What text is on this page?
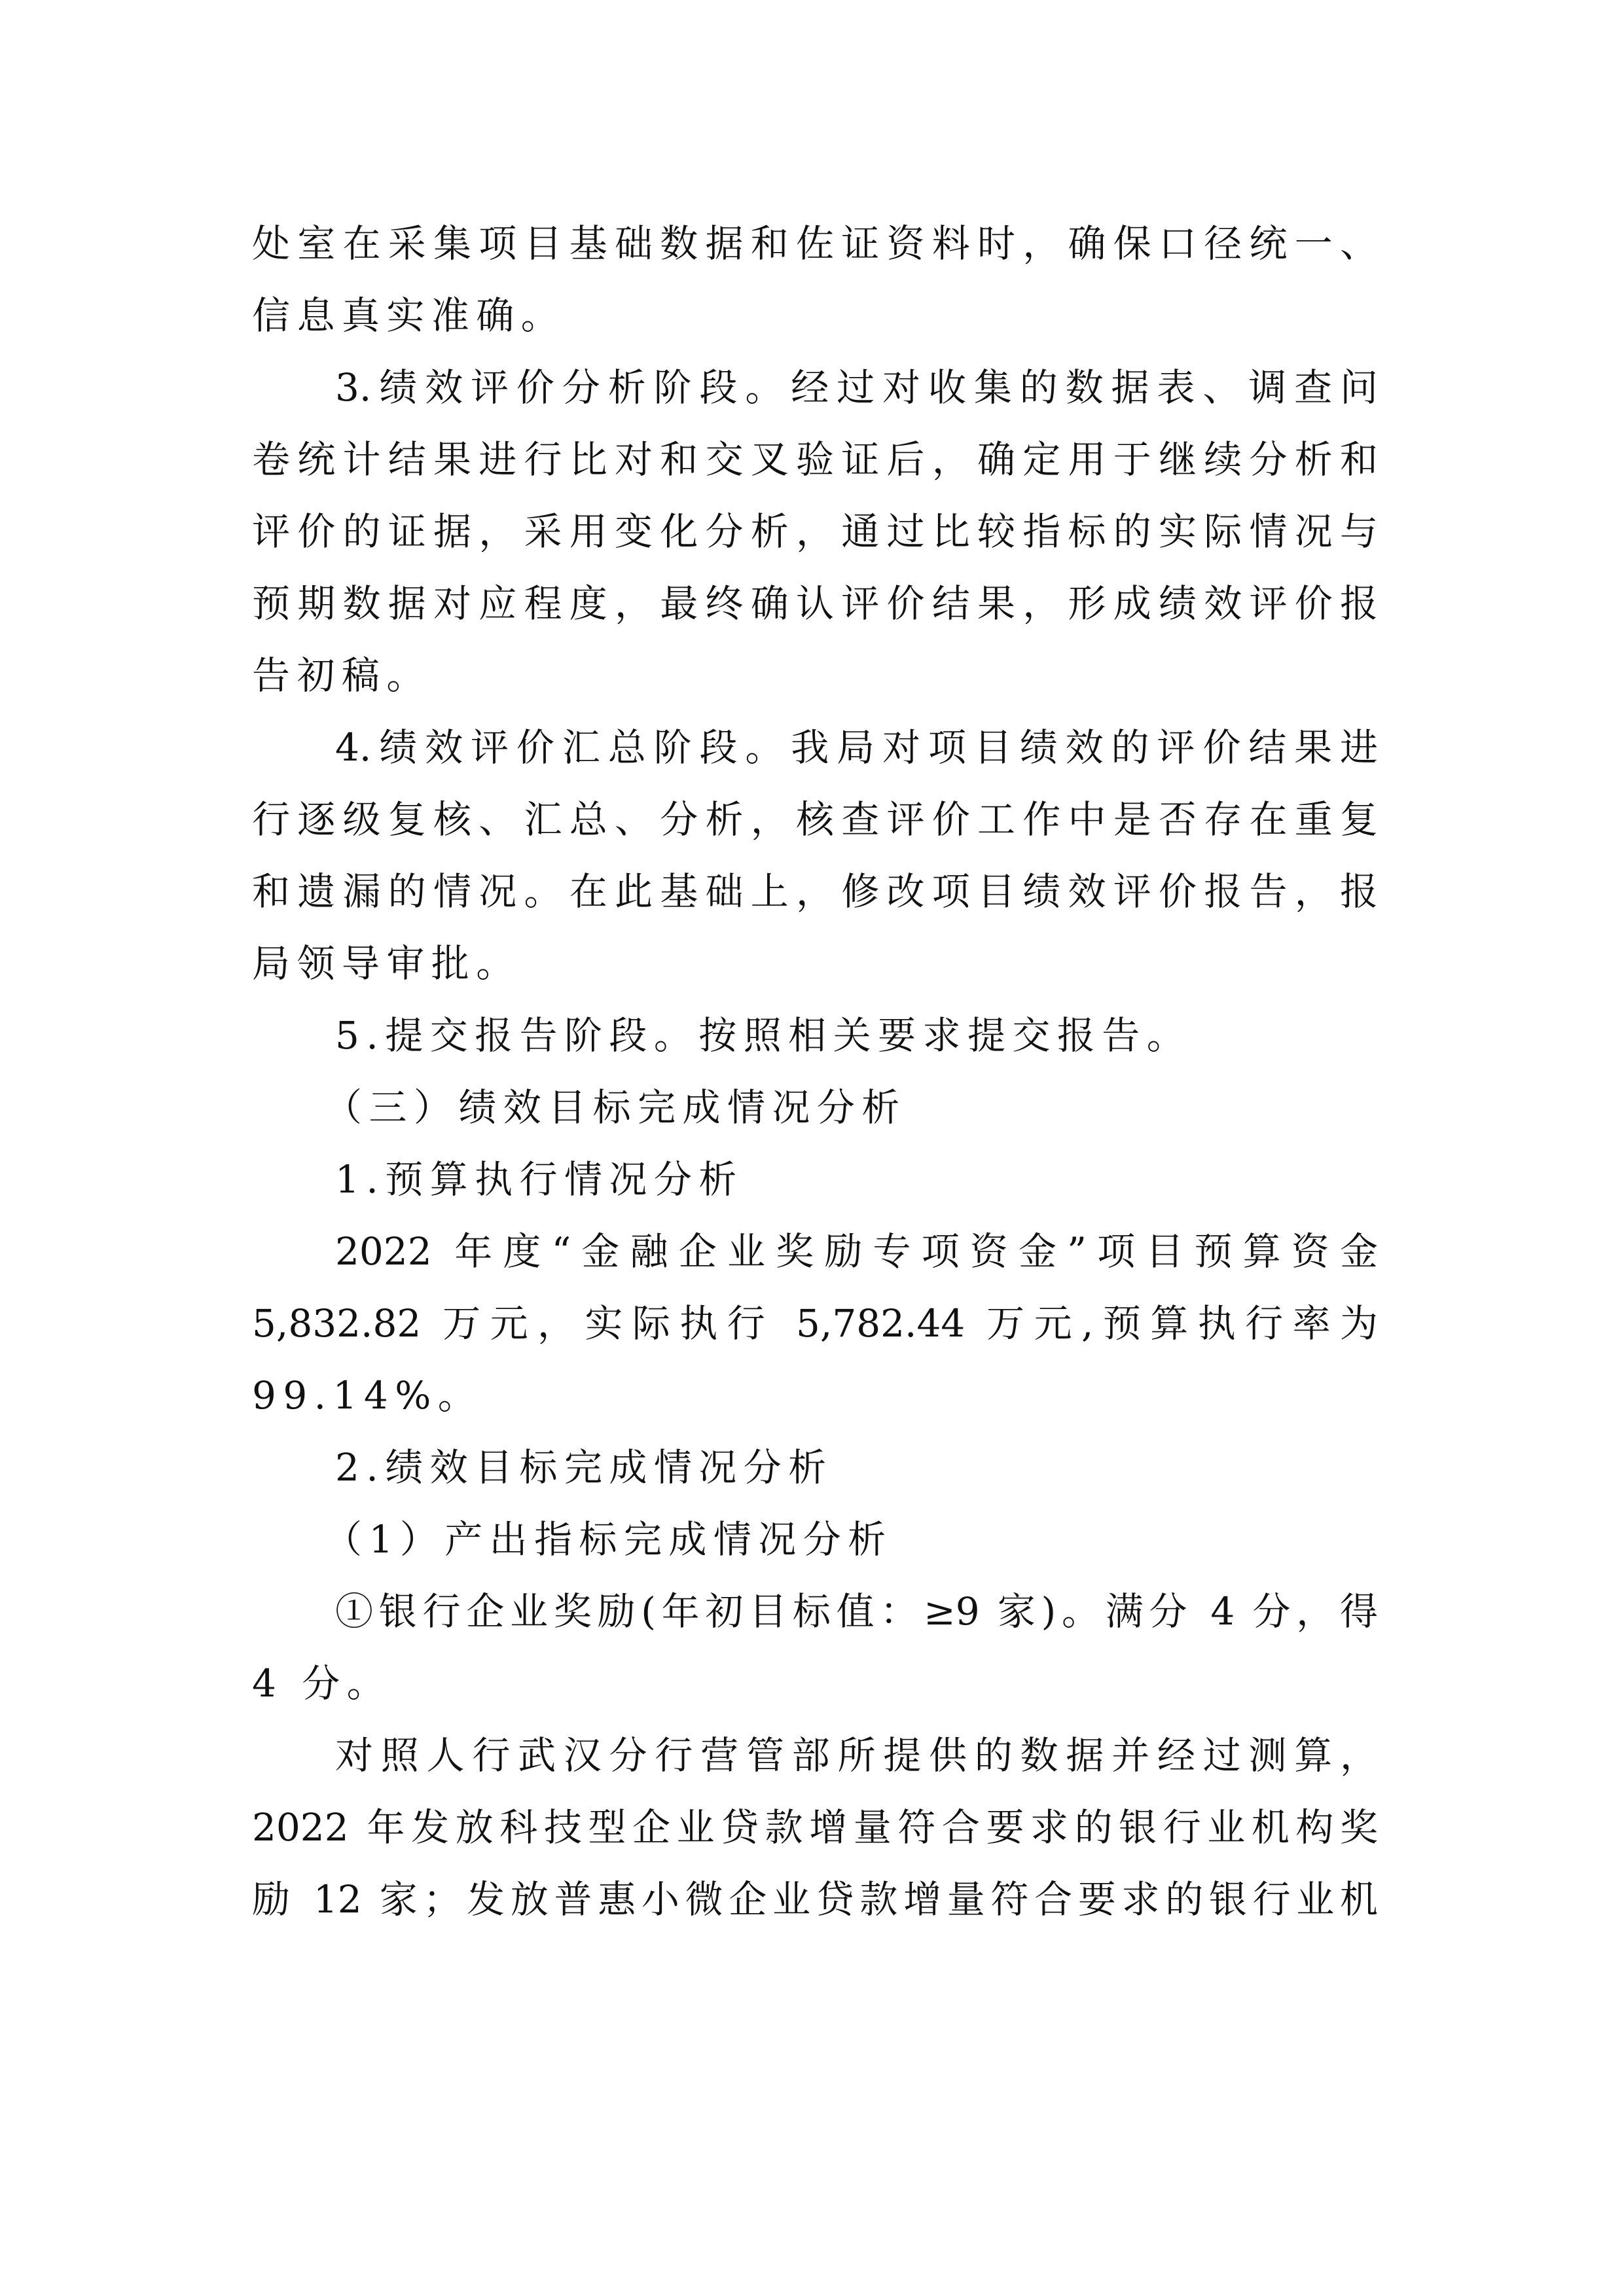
处室在采集项目基础数据和佐证资料时，确保口径统一、
信息真实准确。
3.绩效评价分析阶段。经过对收集的数据表、调查问
卷统计结果进行比对和交叉验证后，确定用于继续分析和
评价的证据，采用变化分析，通过比较指标的实际情况与
预期数据对应程度，最终确认评价结果，形成绩效评价报
告初稿。
4.绩效评价汇总阶段。我局对项目绩效的评价结果进
行逐级复核、汇总、分析，核查评价工作中是否存在重复
和遗漏的情况。在此基础上，修改项目绩效评价报告，报
局领导审批。
5.提交报告阶段。按照相关要求提交报告。
（三）绩效目标完成情况分析
1.预算执行情况分析
2022 年度“金融企业奖励专项资金”项目预算资金
5,832.82 万元，实际执行 5,782.44 万元,预算执行率为
99.14%。
2.绩效目标完成情况分析
（1）产出指标完成情况分析
①银行企业奖励(年初目标值：≥9 家)。满分 4 分，得
4 分。
对照人行武汉分行营管部所提供的数据并经过测算，
2022 年发放科技型企业贷款增量符合要求的银行业机构奖
励 12 家；发放普惠小微企业贷款增量符合要求的银行业机
